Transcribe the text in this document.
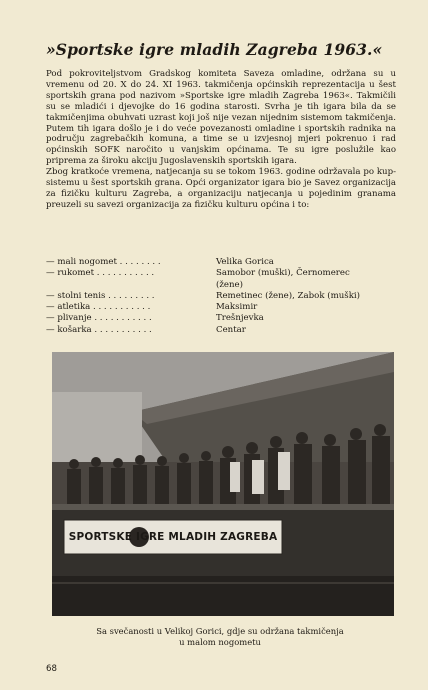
»Sportske igre mladih Zagreba 1963.«

Pod pokroviteljstvom Gradskog komiteta Saveza omladine, održana su u vremenu od 20. X do 24. XI 1963. takmičenja općinskih reprezentacija u šest sportskih grana pod nazivom »Sportske igre mladih Zagreba 1963«. Takmičili su se mladići i djevojke do 16 godina starosti. Svrha je tih igara bila da se takmičenjima obuhvati uzrast koji još nije vezan nijednim sistemom takmičenja. Putem tih igara došlo je i do veće povezanosti omladine i sportskih radnika na području zagrebačkih komuna, a time se u izvjesnoj mjeri pokrenuo i rad općinskih SOFK naročito u vanjskim općinama. Te su igre poslužile kao priprema za široku akciju Jugoslavenskih sportskih igara.

Zbog kratkoće vremena, natjecanja su se tokom 1963. godine održavala po kup-sistemu u šest sportskih grana. Opći organizator igara bio je Savez organizacija za fizičku kulturu Zagreba, a organizaciju natjecanja u pojedinim granama preuzeli su savezi organizacija za fizičku kulturu općina i to:

— mali nogomet . . . . . . . .	Velika Gorica
— rukomet . . . . . . . . . . .	Samobor (muški), Černomerec
(žene)
— stolni tenis . . . . . . . . .	Remetinec (žene), Zabok (muški)
— atletika . . . . . . . . . . .	Maksimir
— plivanje . . . . . . . . . . .	Trešnjevka
— košarka . . . . . . . . . . .	Centar
SPORTSKE IGRE MLADIH ZAGREBA
Sa svečanosti u Velikoj Gorici, gdje su održana takmičenja
u malom nogometu
68
